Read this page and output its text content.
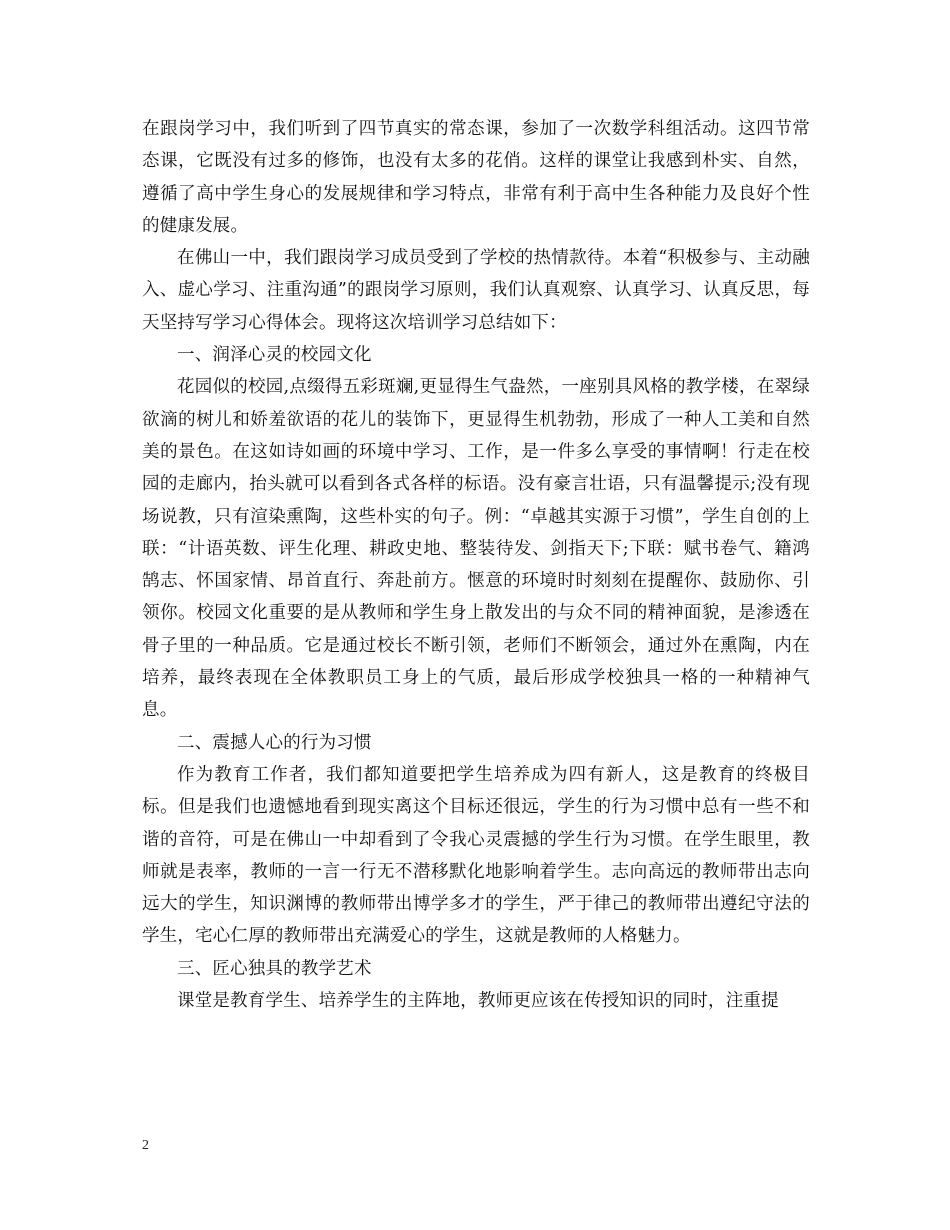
在跟岗学习中，我们听到了四节真实的常态课，参加了一次数学科组活动。这四节常态课，它既没有过多的修饰，也没有太多的花俏。这样的课堂让我感到朴实、自然，遵循了高中学生身心的发展规律和学习特点，非常有利于高中生各种能力及良好个性的健康发展。

在佛山一中，我们跟岗学习成员受到了学校的热情款待。本着“积极参与、主动融入、虚心学习、注重沟通”的跟岗学习原则，我们认真观察、认真学习、认真反思，每天坚持写学习心得体会。现将这次培训学习总结如下：

一、润泽心灵的校园文化

花园似的校园,点缀得五彩斑斓,更显得生气盎然，一座别具风格的教学楼，在翠绿欲滴的树儿和娇羞欲语的花儿的装饰下，更显得生机勃勃，形成了一种人工美和自然美的景色。在这如诗如画的环境中学习、工作，是一件多么享受的事情啊！行走在校园的走廊内，抬头就可以看到各式各样的标语。没有豪言壮语，只有温馨提示;没有现场说教，只有渲染熏陶，这些朴实的句子。例：“卓越其实源于习惯”，学生自创的上联：“计语英数、评生化理、耕政史地、整装待发、剑指天下;下联：赋书卷气、籍鸿鹄志、怀国家情、昂首直行、奔赴前方。惬意的环境时时刻刻在提醒你、鼓励你、引领你。校园文化重要的是从教师和学生身上散发出的与众不同的精神面貌，是渗透在骨子里的一种品质。它是通过校长不断引领，老师们不断领会，通过外在熏陶，内在培养，最终表现在全体教职员工身上的气质，最后形成学校独具一格的一种精神气息。

二、震撼人心的行为习惯

作为教育工作者，我们都知道要把学生培养成为四有新人，这是教育的终极目标。但是我们也遗憾地看到现实离这个目标还很远，学生的行为习惯中总有一些不和谐的音符，可是在佛山一中却看到了令我心灵震撼的学生行为习惯。在学生眼里，教师就是表率，教师的一言一行无不潜移默化地影响着学生。志向高远的教师带出志向远大的学生，知识渊博的教师带出博学多才的学生，严于律己的教师带出遵纪守法的学生，宅心仁厚的教师带出充满爱心的学生，这就是教师的人格魅力。

三、匠心独具的教学艺术

课堂是教育学生、培养学生的主阵地，教师更应该在传授知识的同时，注重提

2
